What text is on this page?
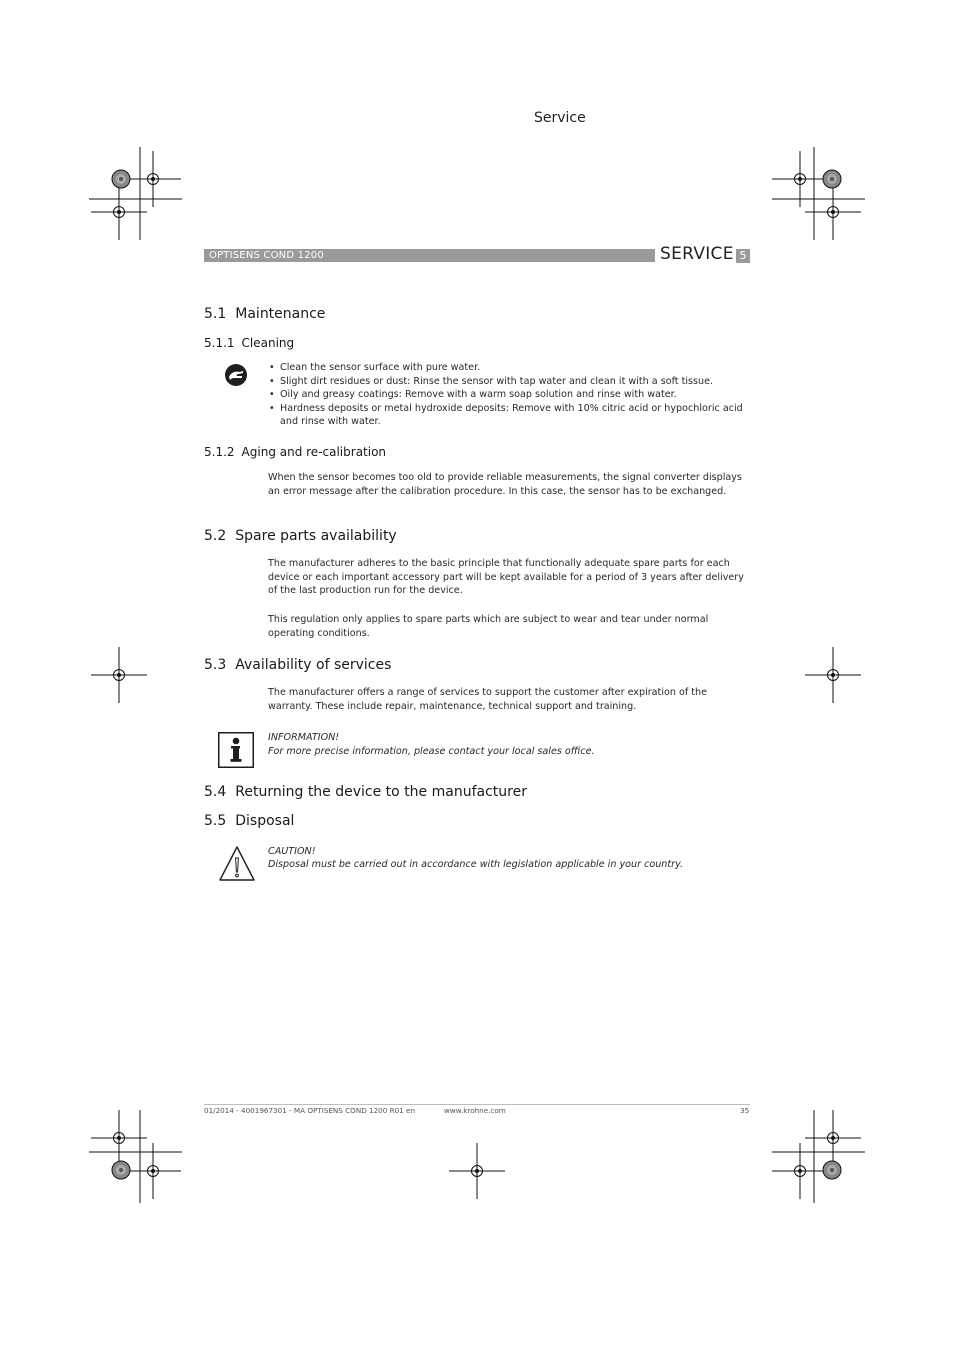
Service
OPTISENS COND 1200	SERVICE 5
5.1 Maintenance
5.1.1 Cleaning
• Clean the sensor surface with pure water.
• Slight dirt residues or dust: Rinse the sensor with tap water and clean it with a soft tissue.
• Oily and greasy coatings: Remove with a warm soap solution and rinse with water.
• Hardness deposits or metal hydroxide deposits: Remove with 10% citric acid or hypochloric acid and rinse with water.
5.1.2 Aging and re-calibration

When the sensor becomes too old to provide reliable measurements, the signal converter displays an error message after the calibration procedure. In this case, the sensor has to be exchanged.

5.2 Spare parts availability

The manufacturer adheres to the basic principle that functionally adequate spare parts for each device or each important accessory part will be kept available for a period of 3 years after delivery of the last production run for the device.

This regulation only applies to spare parts which are subject to wear and tear under normal operating conditions.

5.3 Availability of services

The manufacturer offers a range of services to support the customer after expiration of the warranty. These include repair, maintenance, technical support and training.

INFORMATION!
For more precise information, please contact your local sales office.
5.4 Returning the device to the manufacturer
5.5 Disposal
CAUTION!
Disposal must be carried out in accordance with legislation applicable in your country.
01/2014 - 4001967301 - MA OPTISENS COND 1200 R01 en	www.krohne.com	35
